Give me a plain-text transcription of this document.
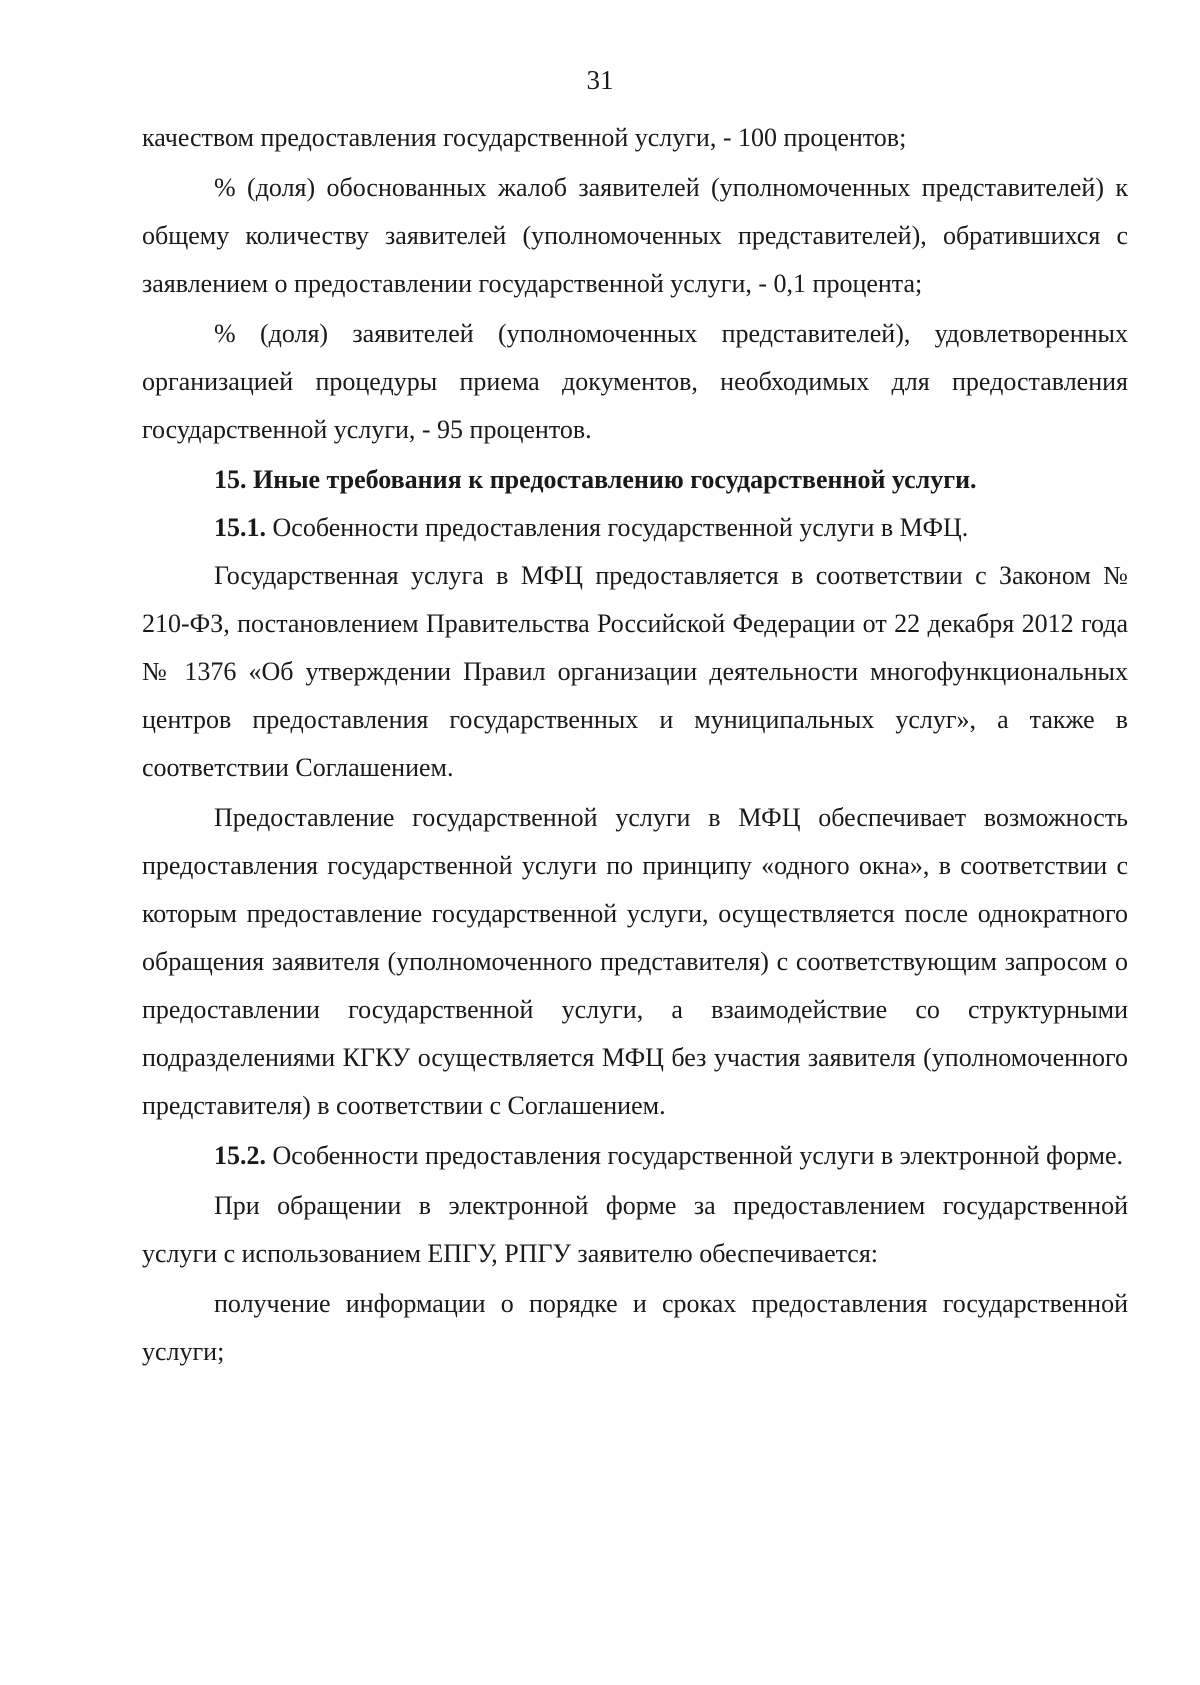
31

качеством предоставления государственной услуги, - 100 процентов;

% (доля) обоснованных жалоб заявителей (уполномоченных представителей) к общему количеству заявителей (уполномоченных представителей), обратившихся с заявлением о предоставлении государственной услуги, - 0,1 процента;

% (доля) заявителей (уполномоченных представителей), удовлетворенных организацией процедуры приема документов, необходимых для предоставления государственной услуги, - 95 процентов.

15. Иные требования к предоставлению государственной услуги.

15.1. Особенности предоставления государственной услуги в МФЦ.

Государственная услуга в МФЦ предоставляется в соответствии с Законом № 210-ФЗ, постановлением Правительства Российской Федерации от 22 декабря 2012 года № 1376 «Об утверждении Правил организации деятельности многофункциональных центров предоставления государственных и муниципальных услуг», а также в соответствии Соглашением.

Предоставление государственной услуги в МФЦ обеспечивает возможность предоставления государственной услуги по принципу «одного окна», в соответствии с которым предоставление государственной услуги, осуществляется после однократного обращения заявителя (уполномоченного представителя) с соответствующим запросом о предоставлении государственной услуги, а взаимодействие со структурными подразделениями КГКУ осуществляется МФЦ без участия заявителя (уполномоченного представителя) в соответствии с Соглашением.

15.2. Особенности предоставления государственной услуги в электронной форме.

При обращении в электронной форме за предоставлением государственной услуги с использованием ЕПГУ, РПГУ заявителю обеспечивается:

получение информации о порядке и сроках предоставления государственной услуги;
